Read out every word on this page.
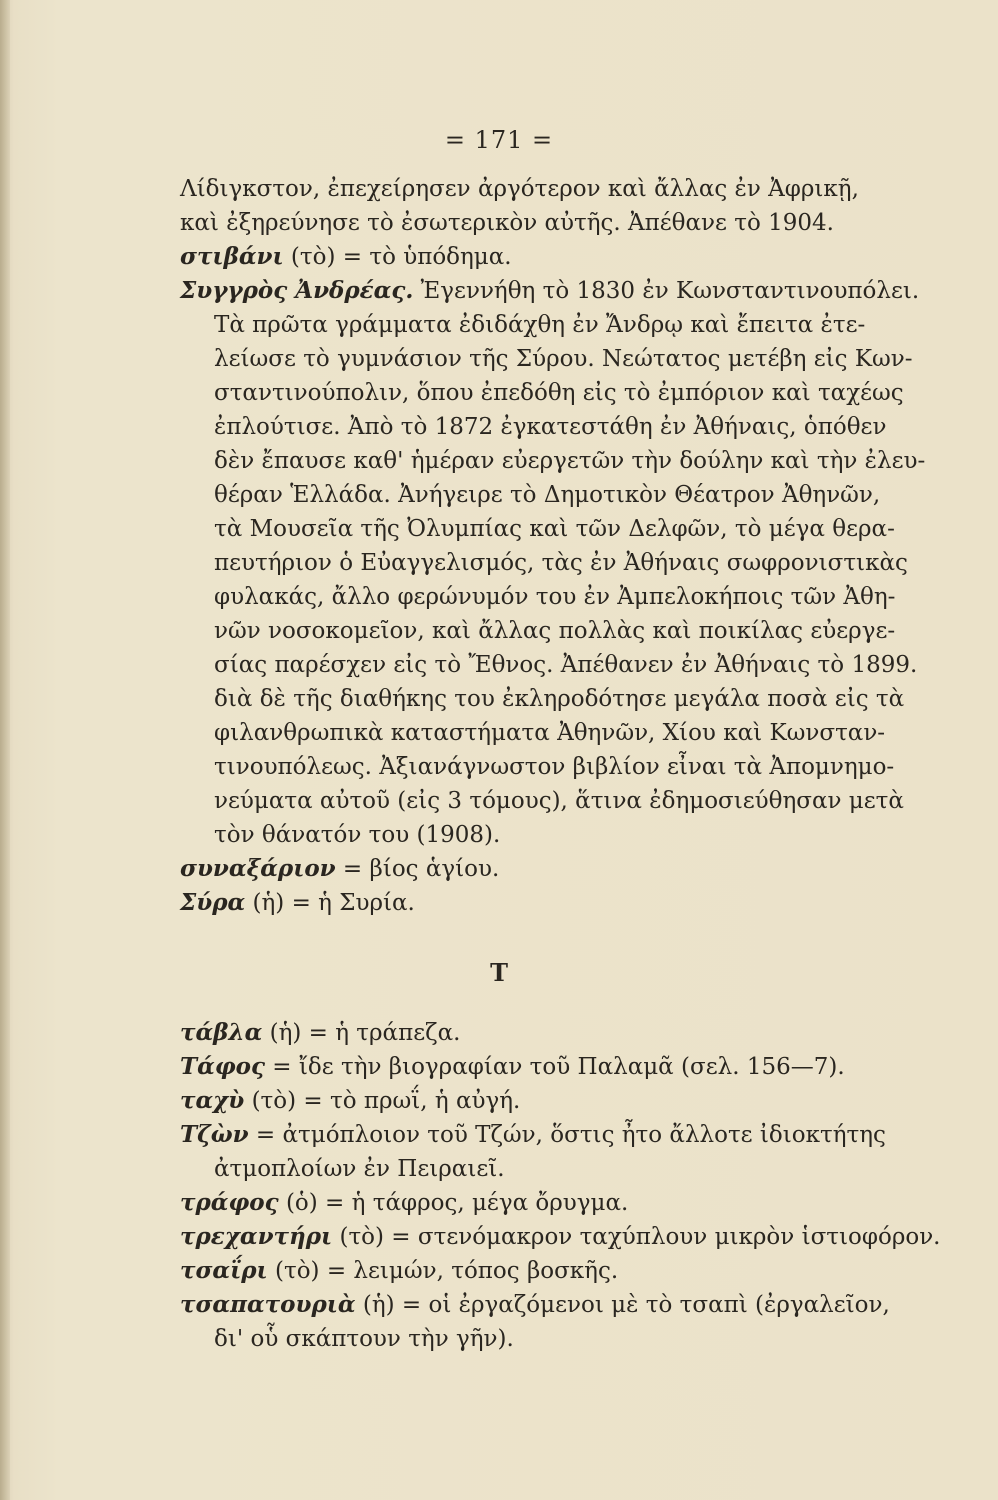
= 171 =
Λίδιγκστον, ἐπεχείρησεν ἀργότερον καὶ ἄλλας ἐν Ἀφρικῇ,
καὶ ἐξηρεύνησε τὸ ἐσωτερικὸν αὐτῆς. Ἀπέθανε τὸ 1904.
στιβάνι (τὸ) = τὸ ὑπόδημα.
Συγγρὸς Ἀνδρέας. Ἐγεννήθη τὸ 1830 ἐν Κωνσταντινουπόλει.
Τὰ πρῶτα γράμματα ἐδιδάχθη ἐν Ἄνδρῳ καὶ ἔπειτα ἐτε-
λείωσε τὸ γυμνάσιον τῆς Σύρου. Νεώτατος μετέβη εἰς Κων-
σταντινούπολιν, ὅπου ἐπεδόθη εἰς τὸ ἐμπόριον καὶ ταχέως
ἐπλούτισε. Ἀπὸ τὸ 1872 ἐγκατεστάθη ἐν Ἀθήναις, ὁπόθεν
δὲν ἔπαυσε καθ' ἡμέραν εὐεργετῶν τὴν δούλην καὶ τὴν ἐλευ-
θέραν Ἑλλάδα. Ἀνήγειρε τὸ Δημοτικὸν Θέατρον Ἀθηνῶν,
τὰ Μουσεῖα τῆς Ὀλυμπίας καὶ τῶν Δελφῶν, τὸ μέγα θερα-
πευτήριον ὁ Εὐαγγελισμός, τὰς ἐν Ἀθήναις σωφρονιστικὰς
φυλακάς, ἄλλο φερώνυμόν του ἐν Ἀμπελοκήποις τῶν Ἀθη-
νῶν νοσοκομεῖον, καὶ ἄλλας πολλὰς καὶ ποικίλας εὐεργε-
σίας παρέσχεν εἰς τὸ Ἔθνος. Ἀπέθανεν ἐν Ἀθήναις τὸ 1899.
διὰ δὲ τῆς διαθήκης του ἐκληροδότησε μεγάλα ποσὰ εἰς τὰ
φιλανθρωπικὰ καταστήματα Ἀθηνῶν, Χίου καὶ Κωνσταν-
τινουπόλεως. Ἀξιανάγνωστον βιβλίον εἶναι τὰ Ἀπομνημο-
νεύματα αὐτοῦ (εἰς 3 τόμους), ἅτινα ἐδημοσιεύθησαν μετὰ
τὸν θάνατόν του (1908).
συναξάριον = βίος ἁγίου.
Σύρα (ἡ) = ἡ Συρία.
Τ
τάβλα (ἡ) = ἡ τράπεζα.
Τάφος = ἴδε τὴν βιογραφίαν τοῦ Παλαμᾶ (σελ. 156—7).
ταχὺ (τὸ) = τὸ πρωΐ, ἡ αὐγή.
Τζὼν = ἀτμόπλοιον τοῦ Τζών, ὅστις ἦτο ἄλλοτε ἰδιοκτήτης
ἀτμοπλοίων ἐν Πειραιεῖ.
τράφος (ὁ) = ἡ τάφρος, μέγα ὄρυγμα.
τρεχαντήρι (τὸ) = στενόμακρον ταχύπλουν μικρὸν ἱστιοφόρον.
τσαΐρι (τὸ) = λειμών, τόπος βοσκῆς.
τσαπατουριὰ (ἡ) = οἱ ἐργαζόμενοι μὲ τὸ τσαπὶ (ἐργαλεῖον,
δι' οὗ σκάπτουν τὴν γῆν).
